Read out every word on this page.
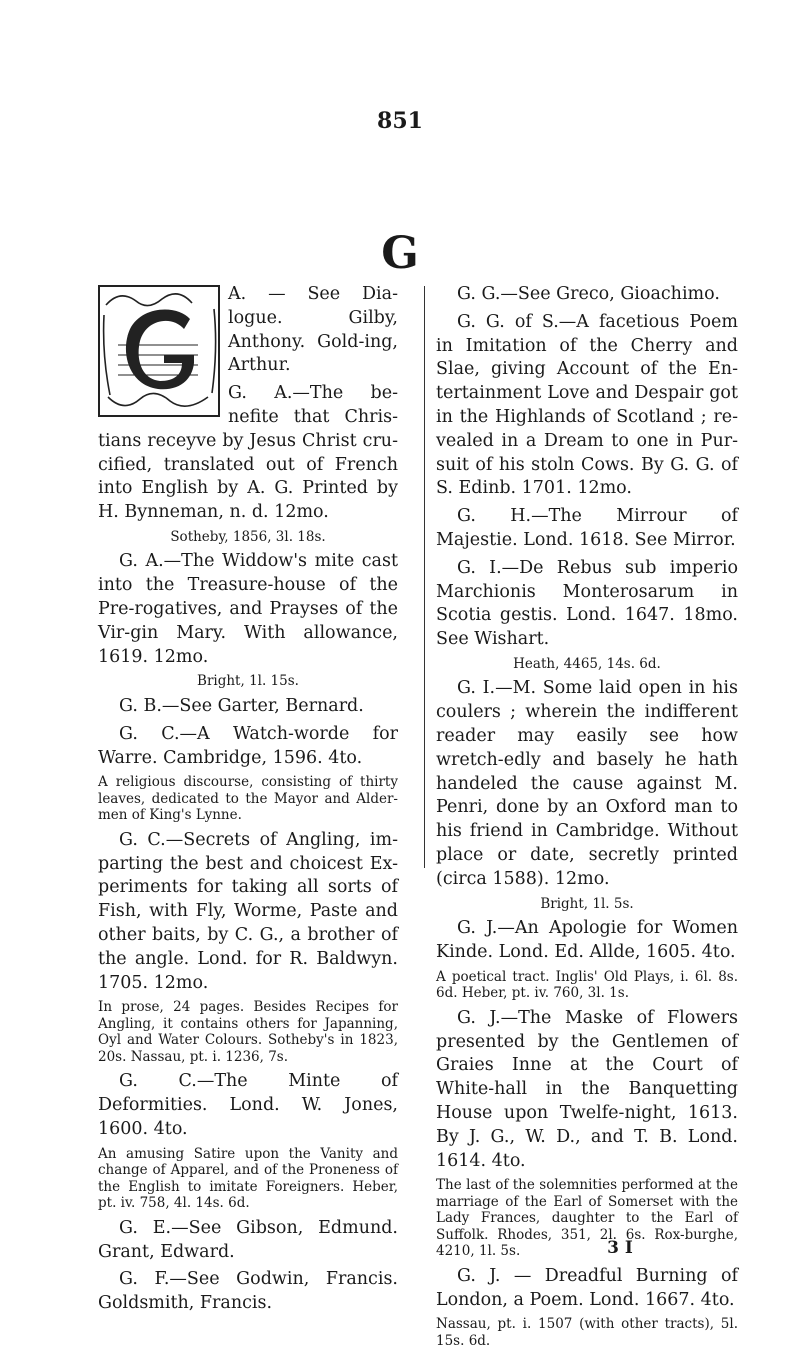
851
G

A. — See Dia-logue. Gilby, Anthony. Gold-ing, Arthur.

G. A.—The be-nefite that Chris-tians receyve by Jesus Christ cru-cified, translated out of French into English by A. G. Printed by H. Bynneman, n. d. 12mo.

Sotheby, 1856, 3l. 18s.

G. A.—The Widdow's mite cast into the Treasure-house of the Pre-rogatives, and Prayses of the Vir-gin Mary. With allowance, 1619. 12mo.

Bright, 1l. 15s.

G. B.—See Garter, Bernard.

G. C.—A Watch-worde for Warre. Cambridge, 1596. 4to.

A religious discourse, consisting of thirty leaves, dedicated to the Mayor and Alder-men of King's Lynne.

G. C.—Secrets of Angling, im-parting the best and choicest Ex-periments for taking all sorts of Fish, with Fly, Worme, Paste and other baits, by C. G., a brother of the angle. Lond. for R. Baldwyn. 1705. 12mo.

In prose, 24 pages. Besides Recipes for Angling, it contains others for Japanning, Oyl and Water Colours. Sotheby's in 1823, 20s. Nassau, pt. i. 1236, 7s.

G. C.—The Minte of Deformities. Lond. W. Jones, 1600. 4to.

An amusing Satire upon the Vanity and change of Apparel, and of the Proneness of the English to imitate Foreigners. Heber, pt. iv. 758, 4l. 14s. 6d.

G. E.—See Gibson, Edmund. Grant, Edward.

G. F.—See Godwin, Francis. Goldsmith, Francis.

G. G.—See Greco, Gioachimo.

G. G. of S.—A facetious Poem in Imitation of the Cherry and Slae, giving Account of the En-tertainment Love and Despair got in the Highlands of Scotland ; re-vealed in a Dream to one in Pur-suit of his stoln Cows. By G. G. of S. Edinb. 1701. 12mo.

G. H.—The Mirrour of Majestie. Lond. 1618. See Mirror.

G. I.—De Rebus sub imperio Marchionis Monterosarum in Scotia gestis. Lond. 1647. 18mo. See Wishart.

Heath, 4465, 14s. 6d.

G. I.—M. Some laid open in his coulers ; wherein the indifferent reader may easily see how wretch-edly and basely he hath handeled the cause against M. Penri, done by an Oxford man to his friend in Cambridge. Without place or date, secretly printed (circa 1588). 12mo.

Bright, 1l. 5s.

G. J.—An Apologie for Women Kinde. Lond. Ed. Allde, 1605. 4to.

A poetical tract. Inglis' Old Plays, i. 6l. 8s. 6d. Heber, pt. iv. 760, 3l. 1s.

G. J.—The Maske of Flowers presented by the Gentlemen of Graies Inne at the Court of White-hall in the Banquetting House upon Twelfe-night, 1613. By J. G., W. D., and T. B. Lond. 1614. 4to.

The last of the solemnities performed at the marriage of the Earl of Somerset with the Lady Frances, daughter to the Earl of Suffolk. Rhodes, 351, 2l. 6s. Rox-burghe, 4210, 1l. 5s.

G. J. — Dreadful Burning of London, a Poem. Lond. 1667. 4to.

Nassau, pt. i. 1507 (with other tracts), 5l. 15s. 6d.

3 I
